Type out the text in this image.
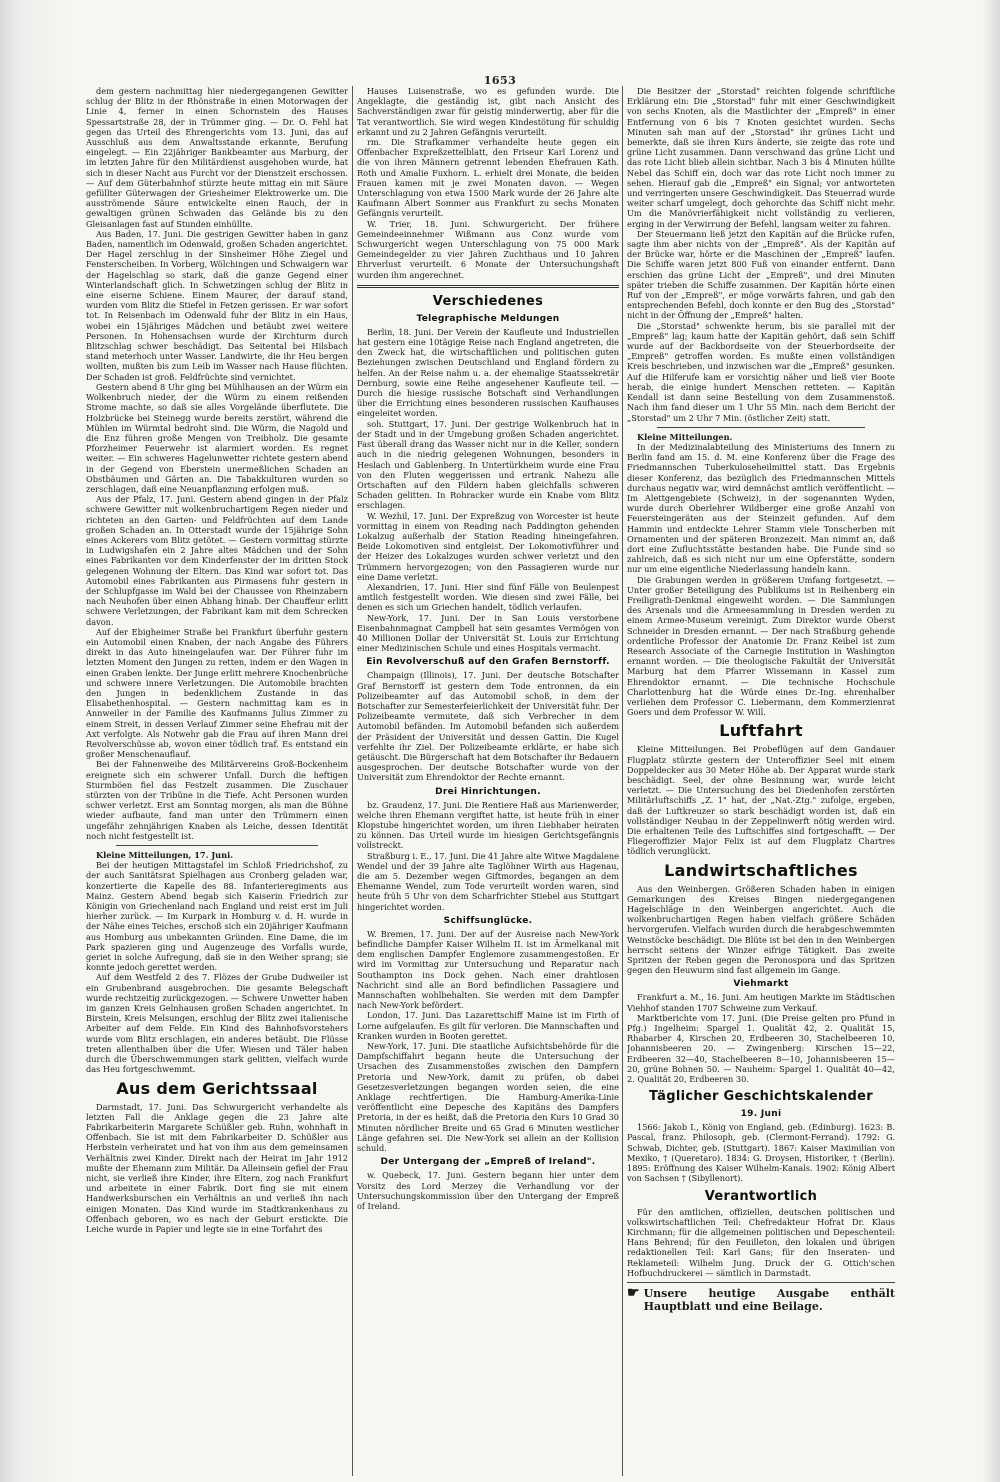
1653

dem gestern nachmittag hier niedergegangenen Gewitter schlug der Blitz in der Rhönstraße in einen Motorwagen der Linie 4, ferner in einen Schornstein des Hauses Spessartstraße 28, der in Trümmer ging. — Dr. O. Fehl hat gegen das Urteil des Ehrengerichts vom 13. Juni, das auf Ausschluß aus dem Anwaltsstande erkannte, Berufung eingelegt. — Ein 22jähriger Bankbeamter aus Marburg, der im letzten Jahre für den Militärdienst ausgehoben wurde, hat sich in dieser Nacht aus Furcht vor der Dienstzeit erschossen. — Auf dem Güterbahnhof stürzte heute mittag ein mit Säure gefüllter Güterwagen der Griesheimer Elektrowerke um. Die ausströmende Säure entwickelte einen Rauch, der in gewaltigen grünen Schwaden das Gelände bis zu den Gleisanlagen fast auf Stunden einhüllte.

Aus Baden, 17. Juni. Die gestrigen Gewitter haben in ganz Baden, namentlich im Odenwald, großen Schaden angerichtet. Der Hagel zerschlug in der Sinsheimer Höhe Ziegel und Fensterscheiben. In Vorberg, Wölchingen und Schwaigern war der Hagelschlag so stark, daß die ganze Gegend einer Winterlandschaft glich. In Schwetzingen schlug der Blitz in eine eiserne Schiene. Einem Maurer, der darauf stand, wurden vom Blitz die Stiefel in Fetzen gerissen. Er war sofort tot. In Reisenbach im Odenwald fuhr der Blitz in ein Haus, wobei ein 15jähriges Mädchen und betäubt zwei weitere Personen. In Hohensachsen wurde der Kirchturm durch Blitzschlag schwer beschädigt. Das Seitental bei Hilsbach stand meterhoch unter Wasser. Landwirte, die ihr Heu bergen wollten, mußten bis zum Leib im Wasser nach Hause flüchten. Der Schaden ist groß. Feldfrüchte sind vernichtet.

Gestern abend 8 Uhr ging bei Mühlhausen an der Würm ein Wolkenbruch nieder, der die Würm zu einem reißenden Strome machte, so daß sie alles Vorgelände überflutete. Die Holzbrücke bei Steinegg wurde bereits zerstört, während die Mühlen im Würmtal bedroht sind. Die Würm, die Nagold und die Enz führen große Mengen von Treibholz. Die gesamte Pforzheimer Feuerwehr ist alarmiert worden. Es regnet weiter. — Ein schweres Hagelunwetter richtete gestern abend in der Gegend von Eberstein unermeßlichen Schaden an Obstbäumen und Gärten an. Die Tabakkulturen wurden so zerschlagen, daß eine Neuanpflanzung erfolgen muß.

Aus der Pfalz, 17. Juni. Gestern abend gingen in der Pfalz schwere Gewitter mit wolkenbruchartigem Regen nieder und richteten an den Garten- und Feldfrüchten auf dem Lande großen Schaden an. In Otterstadt wurde der 15jährige Sohn eines Ackerers vom Blitz getötet. — Gestern vormittag stürzte in Ludwigshafen ein 2 Jahre altes Mädchen und der Sohn eines Fabrikanten vor dem Kinderfenster der im dritten Stock gelegenen Wohnung der Eltern. Das Kind war sofort tot. Das Automobil eines Fabrikanten aus Pirmasens fuhr gestern in der Schlupfgasse im Wald bei der Chaussee von Rheinzabern nach Neuhofen über einen Abhang hinab. Der Chauffeur erlitt schwere Verletzungen, der Fabrikant kam mit dem Schrecken davon.

Auf der Ebigheimer Straße bei Frankfurt überfuhr gestern ein Automobil einen Knaben, der nach Angabe des Führers direkt in das Auto hineingelaufen war. Der Führer fuhr im letzten Moment den Jungen zu retten, indem er den Wagen in einen Graben lenkte. Der Junge erlitt mehrere Knochenbrüche und schwere innere Verletzungen. Die Automobile brachten den Jungen in bedenklichem Zustande in das Elisabethenhospital. — Gestern nachmittag kam es in Annweiler in der Familie des Kaufmanns Julius Zimmer zu einem Streit, in dessen Verlauf Zimmer seine Ehefrau mit der Axt verfolgte. Als Notwehr gab die Frau auf ihren Mann drei Revolverschüsse ab, wovon einer tödlich traf. Es entstand ein großer Menschenauflauf.

Bei der Fahnenweihe des Militärvereins Groß-Bockenheim ereignete sich ein schwerer Unfall. Durch die heftigen Sturmböen fiel das Festzelt zusammen. Die Zuschauer stürzten von der Tribüne in die Tiefe. Acht Personen wurden schwer verletzt. Erst am Sonntag morgen, als man die Bühne wieder aufbaute, fand man unter den Trümmern einen ungefähr zehnjährigen Knaben als Leiche, dessen Identität noch nicht festgestellt ist.

Kleine Mitteilungen, 17. Juni.

Bei der heutigen Mittagstafel im Schloß Friedrichshof, zu der auch Sanitätsrat Spielhagen aus Cronberg geladen war, konzertierte die Kapelle des 88. Infanterieregiments aus Mainz. Gestern Abend begab sich Kaiserin Friedrich zur Königin von Griechenland nach England und reist erst im Juli hierher zurück. — Im Kurpark in Homburg v. d. H. wurde in der Nähe eines Teiches, erschoß sich ein 20jähriger Kaufmann aus Homburg aus unbekannten Gründen. Eine Dame, die im Park spazieren ging und Augenzeuge des Vorfalls wurde, geriet in solche Aufregung, daß sie in den Weiher sprang; sie konnte jedoch gerettet werden.

Auf dem Westfeld 2 des 7. Flözes der Grube Dudweiler ist ein Grubenbrand ausgebrochen. Die gesamte Belegschaft wurde rechtzeitig zurückgezogen. — Schwere Unwetter haben im ganzen Kreis Gelnhausen großen Schaden angerichtet. In Birstein, Kreis Melsungen, erschlug der Blitz zwei italienische Arbeiter auf dem Felde. Ein Kind des Bahnhofsvorstehers wurde vom Blitz erschlagen, ein anderes betäubt. Die Flüsse treten allenthalben über die Ufer. Wiesen und Täler haben durch die Überschwemmungen stark gelitten, vielfach wurde das Heu fortgeschwemmt.

Aus dem Gerichtssaal

Darmstadt, 17. Juni. Das Schwurgericht verhandelte als letzten Fall die Anklage gegen die 23 Jahre alte Fabrikarbeiterin Margarete Schüßler geb. Ruhn, wohnhaft in Offenbach. Sie ist mit dem Fabrikarbeiter D. Schüßler aus Herbstein verheiratet und hat von ihm aus dem gemeinsamen Verhältnis zwei Kinder. Direkt nach der Heirat im Jahr 1912 mußte der Ehemann zum Militär. Da Alleinsein gefiel der Frau nicht, sie verließ ihre Kinder, ihre Eltern, zog nach Frankfurt und arbeitete in einer Fabrik. Dort fing sie mit einem Handwerksburschen ein Verhältnis an und verließ ihn nach einigen Monaten. Das Kind wurde im Stadtkrankenhaus zu Offenbach geboren, wo es nach der Geburt erstickte. Die Leiche wurde in Papier und legte sie in eine Torfahrt des

Hauses Luisenstraße, wo es gefunden wurde. Die Angeklagte, die geständig ist, gibt nach Ansicht des Sachverständigen zwar für geistig minderwertig, aber für die Tat verantwortlich. Sie wird wegen Kindestötung für schuldig erkannt und zu 2 Jahren Gefängnis verurteilt.

rm. Die Strafkammer verhandelte heute gegen ein Offenbacher Expreßzettelblatt, den Friseur Karl Lorenz und die von ihren Männern getrennt lebenden Ehefrauen Kath. Roth und Amalie Fuxhorn. L. erhielt drei Monate, die beiden Frauen kamen mit je zwei Monaten davon. — Wegen Unterschlagung von etwa 1500 Mark wurde der 26 Jahre alte Kaufmann Albert Sommer aus Frankfurt zu sechs Monaten Gefängnis verurteilt.

W. Trier, 18. Juni. Schwurgericht. Der frühere Gemeindeeinnehmer Wißmann aus Conz wurde vom Schwurgericht wegen Unterschlagung von 75 000 Mark Gemeindegelder zu vier Jahren Zuchthaus und 10 Jahren Ehrverlust verurteilt. 6 Monate der Untersuchungshaft wurden ihm angerechnet.

Verschiedenes
Telegraphische Meldungen

Berlin, 18. Juni. Der Verein der Kaufleute und Industriellen hat gestern eine 10tägige Reise nach England angetreten, die den Zweck hat, die wirtschaftlichen und politischen guten Beziehungen zwischen Deutschland und England fördern zu helfen. An der Reise nahm u. a. der ehemalige Staatssekretär Dernburg, sowie eine Reihe angesehener Kaufleute teil. — Durch die hiesige russische Botschaft sind Verhandlungen über die Errichtung eines besonderen russischen Kaufhauses eingeleitet worden.

soh. Stuttgart, 17. Juni. Der gestrige Wolkenbruch hat in der Stadt und in der Umgebung großen Schaden angerichtet. Fast überall drang das Wasser nicht nur in die Keller, sondern auch in die niedrig gelegenen Wohnungen, besonders in Heslach und Gablenberg. In Untertürkheim wurde eine Frau von den Fluten weggerissen und ertrank. Nahezu alle Ortschaften auf den Fildern haben gleichfalls schweren Schaden gelitten. In Rohracker wurde ein Knabe vom Blitz erschlagen.

W. Wezhil, 17. Juni. Der Expreßzug von Worcester ist heute vormittag in einem von Reading nach Paddington gehenden Lokalzug außerhalb der Station Reading hineingefahren. Beide Lokomotiven sind entgleist. Der Lokomotivführer und der Heizer des Lokalzuges wurden schwer verletzt und den Trümmern hervorgezogen; von den Passagieren wurde nur eine Dame verletzt.

Alexandrien, 17. Juni. Hier sind fünf Fälle von Beulenpest amtlich festgestellt worden. Wie diesen sind zwei Fälle, bei denen es sich um Griechen handelt, tödlich verlaufen.

New-York, 17. Juni. Der in San Louis verstorbene Eisenbahnmagnat Campbell hat sein gesamtes Vermögen von 40 Millionen Dollar der Universität St. Louis zur Errichtung einer Medizinischen Schule und eines Hospitals vermacht.

Ein Revolverschuß auf den Grafen Bernstorff.

Champaign (Illinois), 17. Juni. Der deutsche Botschafter Graf Bernstorff ist gestern dem Tode entronnen, da ein Polizeibeamter auf das Automobil schoß, in dem der Botschafter zur Semesterfeierlichkeit der Universität fuhr. Der Polizeibeamte vermutete, daß sich Verbrecher in dem Automobil befänden. Im Automobil befanden sich außerdem der Präsident der Universität und dessen Gattin. Die Kugel verfehlte ihr Ziel. Der Polizeibeamte erklärte, er habe sich getäuscht. Die Bürgerschaft hat dem Botschafter ihr Bedauern ausgesprochen. Der deutsche Botschafter wurde von der Universität zum Ehrendoktor der Rechte ernannt.

Drei Hinrichtungen.

bz. Graudenz, 17. Juni. Die Rentiere Haß aus Marienwerder, welche ihren Ehemann vergiftet hatte, ist heute früh in einer Klopstube hingerichtet worden, um ihren Liebhaber heiraten zu können. Das Urteil wurde im hiesigen Gerichtsgefängnis vollstreckt.

Straßburg i. E., 17. Juni. Die 41 Jahre alte Witwe Magdalene Wendel und der 39 Jahre alte Taglöhner Wirth aus Hagenau, die am 5. Dezember wegen Giftmordes, begangen an dem Ehemanne Wendel, zum Tode verurteilt worden waren, sind heute früh 5 Uhr von dem Scharfrichter Stiebel aus Stuttgart hingerichtet worden.

Schiffsunglücke.

W. Bremen, 17. Juni. Der auf der Ausreise nach New-York befindliche Dampfer Kaiser Wilhelm II. ist im Ärmelkanal mit dem englischen Dampfer Englemore zusammengestoßen. Er wird im Vormittag zur Untersuchung und Reparatur nach Southampton ins Dock gehen. Nach einer drahtlosen Nachricht sind alle an Bord befindlichen Passagiere und Mannschaften wohlbehalten. Sie werden mit dem Dampfer nach New-York befördert.

London, 17. Juni. Das Lazarettschiff Maine ist im Firth of Lorne aufgelaufen. Es gilt für verloren. Die Mannschaften und Kranken wurden in Booten gerettet.

New-York, 17. Juni. Die staatliche Aufsichtsbehörde für die Dampfschiffahrt begann heute die Untersuchung der Ursachen des Zusammenstoßes zwischen den Dampfern Pretoria und New-York, damit zu prüfen, ob dabei Gesetzesverletzungen begangen worden seien, die eine Anklage rechtfertigen. Die Hamburg-Amerika-Linie veröffentlicht eine Depesche des Kapitäns des Dampfers Pretoria, in der es heißt, daß die Pretoria den Kurs 10 Grad 30 Minuten nördlicher Breite und 65 Grad 6 Minuten westlicher Länge gefahren sei. Die New-York sei allein an der Kollision schuld.

Der Untergang der „Empreß of Ireland".

w. Quebeck, 17. Juni. Gestern begann hier unter dem Vorsitz des Lord Merzey die Verhandlung vor der Untersuchungskommission über den Untergang der Empreß of Ireland.

Die Besitzer der „Storstad" reichten folgende schriftliche Erklärung ein: Die „Storstad" fuhr mit einer Geschwindigkeit von sechs Knoten, als die Mastlichter der „Empreß" in einer Entfernung von 6 bis 7 Knoten gesichtet wurden. Sechs Minuten sah man auf der „Storstad" ihr grünes Licht und bemerkte, daß sie ihren Kurs änderte, sie zeigte das rote und grüne Licht zusammen. Dann verschwand das grüne Licht und das rote Licht blieb allein sichtbar. Nach 3 bis 4 Minuten hüllte Nebel das Schiff ein, doch war das rote Licht noch immer zu sehen. Hierauf gab die „Empreß" ein Signal; vor antworteten und verringerten unsere Geschwindigkeit. Das Steuerrad wurde weiter scharf umgelegt, doch gehorchte das Schiff nicht mehr. Um die Manövrierfähigkeit nicht vollständig zu verlieren, erging in der Verwirrung der Befehl, langsam weiter zu fahren.

Der Steuermann ließ jetzt den Kapitän auf die Brücke rufen, sagte ihm aber nichts von der „Empreß". Als der Kapitän auf der Brücke war, hörte er die Maschinen der „Empreß" laufen. Die Schiffe waren jetzt 800 Fuß von einander entfernt. Dann erschien das grüne Licht der „Empreß", und drei Minuten später trieben die Schiffe zusammen. Der Kapitän hörte einen Ruf von der „Empreß", er möge vorwärts fahren, und gab den entsprechenden Befehl, doch konnte er den Bug des „Storstad" nicht in der Öffnung der „Empreß" halten.

Die „Storstad" schwenkte herum, bis sie parallel mit der „Empreß" lag; kaum hatte der Kapitän gehört, daß sein Schiff wurde auf der Backbordseite von der Steuerbordseite der „Empreß" getroffen worden. Es mußte einen vollständigen Kreis beschrieben, und inzwischen war die „Empreß" gesunken. Auf die Hilferufe kam er vorsichtig näher und ließ vier Boote herab, die einige hundert Menschen retteten. — Kapitän Kendall ist dann seine Bestellung von dem Zusammenstoß. Nach ihm fand dieser um 1 Uhr 55 Min. nach dem Bericht der „Storstad" um 2 Uhr 7 Min. (östlicher Zeit) statt.

Kleine Mitteilungen.

In der Medizinalabteilung des Ministeriums des Innern zu Berlin fand am 15. d. M. eine Konferenz über die Frage des Friedmannschen Tuberkuloseheilmittel statt. Das Ergebnis dieser Konferenz, das bezüglich des Friedmannschen Mittels durchaus negativ war, wird demnächst amtlich veröffentlicht. — Im Alettgengebiete (Schweiz), in der sogenannten Wyden, wurde durch Oberlehrer Wildberger eine große Anzahl von Feuersteingeräten aus der Steinzeit gefunden. Auf dem Hammin und entdeckte Lehrer Stamm viele Tonscherben mit Ornamenten und der späteren Bronzezeit. Man nimmt an, daß dort eine Zufluchtsstätte bestanden habe. Die Funde sind so zahlreich, daß es sich nicht nur um eine Opferstätte, sondern nur um eine eigentliche Niederlassung handeln kann.

Die Grabungen werden in größerem Umfang fortgesetzt. — Unter großer Beteiligung des Publikums ist in Reihenberg ein Freiligrath-Denkmal eingeweiht worden. — Die Sammlungen des Arsenals und die Armeesammlung in Dresden werden zu einem Armee-Museum vereinigt. Zum Direktor wurde Oberst Schneider in Dresden ernannt. — Der nach Straßburg gehende ordentliche Professor der Anatomie Dr. Franz Keibel ist zum Research Associate of the Carnegie Institution in Washington ernannt worden. — Die theologische Fakultät der Universität Marburg hat dem Pfarrer Wissemann in Kassel zum Ehrendoktor ernannt. — Die technische Hochschule Charlottenburg hat die Würde eines Dr.-Ing. ehrenhalber verliehen dem Professor C. Liebermann, dem Kommerzienrat Goers und dem Professor W. Will.

Luftfahrt

Kleine Mitteilungen. Bei Probeflügen auf dem Gandauer Flugplatz stürzte gestern der Unteroffizier Seel mit einem Doppeldecker aus 30 Meter Höhe ab. Der Apparat wurde stark beschädigt. Seel, der ohne Besinnung war, wurde leicht verletzt. — Die Untersuchung des bei Diedenhofen zerstörten Militärluftschiffs „Z. 1" hat, der „Nat.-Ztg." zufolge, ergeben, daß der Luftkreuzer so stark beschädigt worden ist, daß ein vollständiger Neubau in der Zeppelinwerft nötig werden wird. Die erhaltenen Teile des Luftschiffes sind fortgeschafft. — Der Fliegeroffizier Major Felix ist auf dem Flugplatz Chartres tödlich verunglückt.

Landwirtschaftliches

Aus den Weinbergen. Größeren Schaden haben in einigen Gemarkungen des Kreises Bingen niedergegangenen Hagelschläge in den Weinbergen angerichtet. Auch die wolkenbruchartigen Regen haben vielfach größere Schäden hervorgerufen. Vielfach wurden durch die herabgeschwemmten Weinstöcke beschädigt. Die Blüte ist bei den in den Weinbergen herrscht seitens der Winzer eifrige Tätigkeit. Das zweite Spritzen der Reben gegen die Peronospora und das Spritzen gegen den Heuwurm sind fast allgemein im Gange.

Viehmarkt

Frankfurt a. M., 16. Juni. Am heutigen Markte im Städtischen Viehhof standen 1707 Schweine zum Verkauf.

Marktberichte vom 17. Juni. (Die Preise gelten pro Pfund in Pfg.) Ingelheim: Spargel 1. Qualität 42, 2. Qualität 15, Rhabarber 4, Kirschen 20, Erdbeeren 30, Stachelbeeren 10, Johannisbeeren 20. — Zwingenberg: Kirschen 15—22, Erdbeeren 32—40, Stachelbeeren 8—10, Johannisbeeren 15—20, grüne Bohnen 50. — Nauheim: Spargel 1. Qualität 40—42, 2. Qualität 20, Erdbeeren 30.

Täglicher Geschichtskalender
19. Juni

1566: Jakob I., König von England, geb. (Edinburg). 1623: B. Pascal, franz. Philosoph, geb. (Clermont-Ferrand). 1792: G. Schwab, Dichter, geb. (Stuttgart). 1867: Kaiser Maximilian von Mexiko, † (Queretaro). 1834: G. Droysen, Historiker, † (Berlin). 1895: Eröffnung des Kaiser Wilhelm-Kanals. 1902: König Albert von Sachsen † (Sibyllenort).

Verantwortlich

Für den amtlichen, offiziellen, deutschen politischen und volkswirtschaftlichen Teil: Chefredakteur Hofrat Dr. Klaus Kirchmann; für die allgemeinen politischen und Depeschenteil: Hans Behrend; für den Feuilleton, den lokalen und übrigen redaktionellen Teil: Karl Gans; für den Inseraten- und Reklameteil: Wilhelm Jung. Druck der G. Ottich'schen Hofbuchdruckerei — sämtlich in Darmstadt.

☛ Unsere heutige Ausgabe enthält Hauptblatt und eine Beilage.
